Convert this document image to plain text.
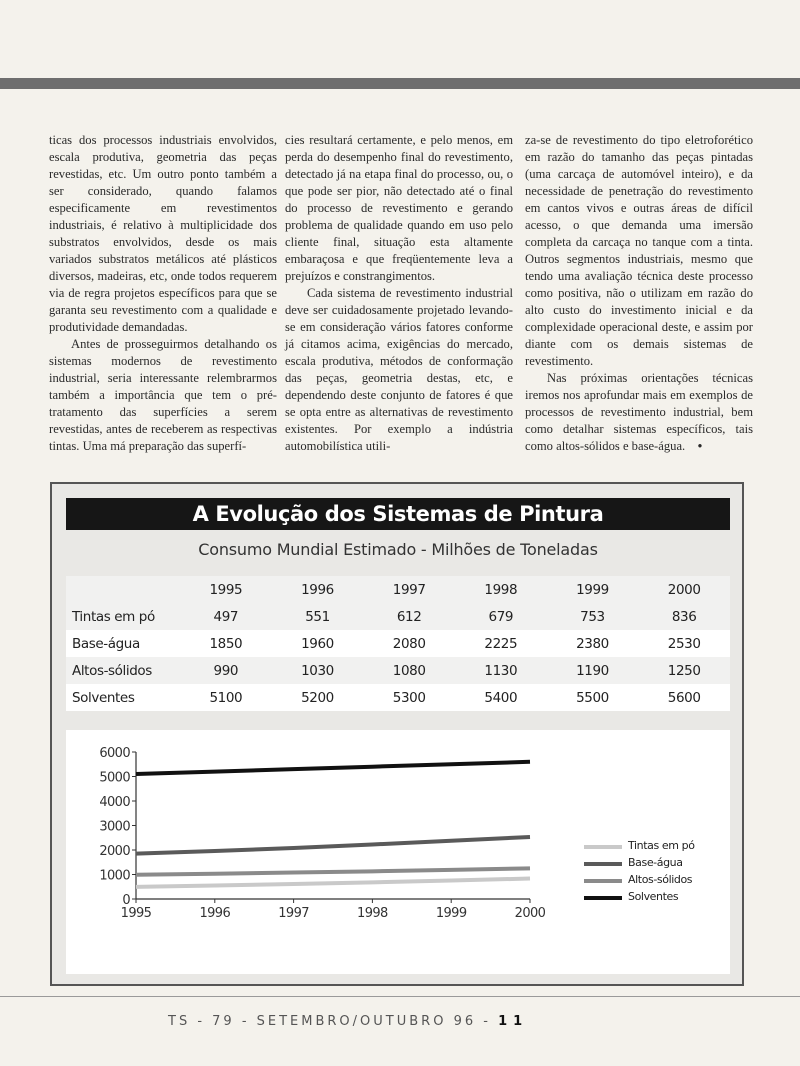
ticas dos processos industriais envolvidos, escala produtiva, geometria das peças revestidas, etc. Um outro ponto também a ser considerado, quando falamos especificamente em revestimentos industriais, é relativo à multiplicidade dos substratos envolvidos, desde os mais variados substratos metálicos até plásticos diversos, madeiras, etc, onde todos requerem via de regra projetos específicos para que se garanta seu revestimento com a qualidade e produtividade demandadas.

Antes de prosseguirmos detalhando os sistemas modernos de revestimento industrial, seria interessante relembrarmos também a importância que tem o pré-tratamento das superfícies a serem revestidas, antes de receberem as respectivas tintas. Uma má preparação das superfí-

cies resultará certamente, e pelo menos, em perda do desempenho final do revestimento, detectado já na etapa final do processo, ou, o que pode ser pior, não detectado até o final do processo de revestimento e gerando problema de qualidade quando em uso pelo cliente final, situação esta altamente embaraçosa e que freqüentemente leva a prejuízos e constrangimentos.

Cada sistema de revestimento industrial deve ser cuidadosamente projetado levando-se em consideração vários fatores conforme já citamos acima, exigências do mercado, escala produtiva, métodos de conformação das peças, geometria destas, etc, e dependendo deste conjunto de fatores é que se opta entre as alternativas de revestimento existentes. Por exemplo a indústria automobilística utili-

za-se de revestimento do tipo eletroforético em razão do tamanho das peças pintadas (uma carcaça de automóvel inteiro), e da necessidade de penetração do revestimento em cantos vivos e outras áreas de difícil acesso, o que demanda uma imersão completa da carcaça no tanque com a tinta. Outros segmentos industriais, mesmo que tendo uma avaliação técnica deste processo como positiva, não o utilizam em razão do alto custo do investimento inicial e da complexidade operacional deste, e assim por diante com os demais sistemas de revestimento.

Nas próximas orientações técnicas iremos nos aprofundar mais em exemplos de processos de revestimento industrial, bem como detalhar sistemas específicos, tais como altos-sólidos e base-água. •

A Evolução dos Sistemas de Pintura
Consumo Mundial Estimado - Milhões de Toneladas
	1995	1996	1997	1998	1999	2000
Tintas em pó	497	551	612	679	753	836
Base-água	1850	1960	2080	2225	2380	2530
Altos-sólidos	990	1030	1080	1130	1190	1250
Solventes	5100	5200	5300	5400	5500	5600
0
1000
2000
3000
4000
5000
6000
1995	1996	1997	1998	1999	2000
Tintas em pó
Base-água
Altos-sólidos
Solventes
TS - 79 - SETEMBRO/OUTUBRO 96 - 11
